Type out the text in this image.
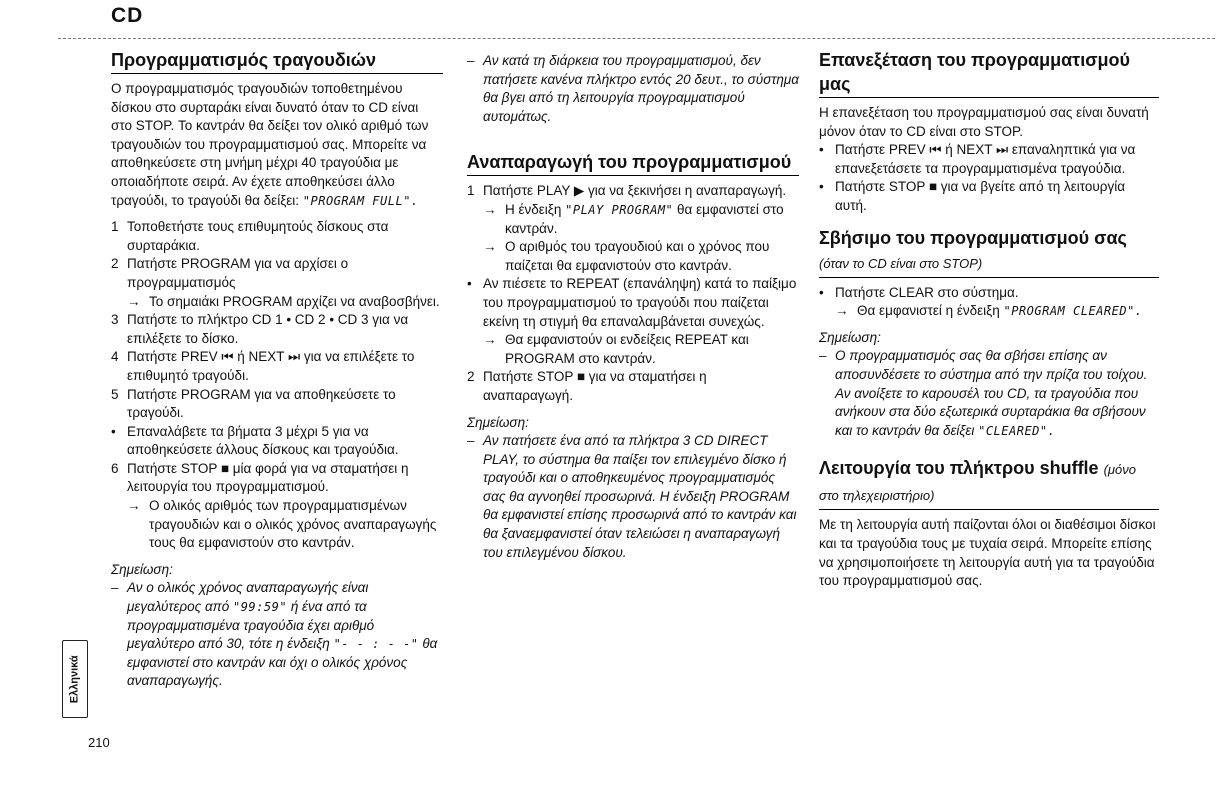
CD
Προγραμματισμός τραγουδιών

Ο προγραμματισμός τραγουδιών τοποθετημένου δίσκου στο συρταράκι είναι δυνατό όταν το CD είναι στο STOP. Το καντράν θα δείξει τον ολικό αριθμό των τραγουδιών του προγραμματισμού σας. Μπορείτε να αποθηκεύσετε στη μνήμη μέχρι 40 τραγούδια με οποιαδήποτε σειρά. Αν έχετε αποθηκεύσει άλλο τραγούδι, το τραγούδι θα δείξει: "PROGRAM FULL".

1 Τοποθετήστε τους επιθυμητούς δίσκους στα συρταράκια.
2 Πατήστε PROGRAM για να αρχίσει ο προγραμματισμός
→ Το σημαιάκι PROGRAM αρχίζει να αναβοσβήνει.
3 Πατήστε το πλήκτρο CD 1 • CD 2 • CD 3 για να επιλέξετε το δίσκο.
4 Πατήστε PREV ⏮ ή NEXT ⏭ για να επιλέξετε το επιθυμητό τραγούδι.
5 Πατήστε PROGRAM για να αποθηκεύσετε το τραγούδι.
• Επαναλάβετε τα βήματα 3 μέχρι 5 για να αποθηκεύσετε άλλους δίσκους και τραγούδια.
6 Πατήστε STOP ■ μία φορά για να σταματήσει η λειτουργία του προγραμματισμού.
→ Ο ολικός αριθμός των προγραμματισμένων τραγουδιών και ο ολικός χρόνος αναπαραγωγής τους θα εμφανιστούν στο καντράν.

Σημείωση:

– Αν ο ολικός χρόνος αναπαραγωγής είναι μεγαλύτερος από "99:59" ή ένα από τα προγραμματισμένα τραγούδια έχει αριθμό μεγαλύτερο από 30, τότε η ένδειξη "- - : - -" θα εμφανιστεί στο καντράν και όχι ο ολικός χρόνος αναπαραγωγής.
– Αν κατά τη διάρκεια του προγραμματισμού, δεν πατήσετε κανένα πλήκτρο εντός 20 δευτ., το σύστημα θα βγει από τη λειτουργία προγραμματισμού αυτομάτως.
Αναπαραγωγή του προγραμματισμού
1 Πατήστε PLAY ▶ για να ξεκινήσει η αναπαραγωγή.
→ Η ένδειξη "PLAY PROGRAM" θα εμφανιστεί στο καντράν.
→ Ο αριθμός του τραγουδιού και ο χρόνος που παίζεται θα εμφανιστούν στο καντράν.
• Αν πιέσετε το REPEAT (επανάληψη) κατά το παίξιμο του προγραμματισμού το τραγούδι που παίζεται εκείνη τη στιγμή θα επαναλαμβάνεται συνεχώς.
→ Θα εμφανιστούν οι ενδείξεις REPEAT και PROGRAM στο καντράν.
2 Πατήστε STOP ■ για να σταματήσει η αναπαραγωγή.

Σημείωση:

– Αν πατήσετε ένα από τα πλήκτρα 3 CD DIRECT PLAY, το σύστημα θα παίξει τον επιλεγμένο δίσκο ή τραγούδι και ο αποθηκευμένος προγραμματισμός σας θα αγνοηθεί προσωρινά. Η ένδειξη PROGRAM θα εμφανιστεί επίσης προσωρινά από το καντράν και θα ξαναεμφανιστεί όταν τελειώσει η αναπαραγωγή του επιλεγμένου δίσκου.
Επανεξέταση του προγραμματισμού μας

Η επανεξέταση του προγραμματισμού σας είναι δυνατή μόνον όταν το CD είναι στο STOP.

• Πατήστε PREV ⏮ ή NEXT ⏭ επαναληπτικά για να επανεξετάσετε τα προγραμματισμένα τραγούδια.
• Πατήστε STOP ■ για να βγείτε από τη λειτουργία αυτή.
Σβήσιμο του προγραμματισμού σας (όταν το CD είναι στο STOP)
• Πατήστε CLEAR στο σύστημα.
→ Θα εμφανιστεί η ένδειξη "PROGRAM CLEARED".

Σημείωση:

– Ο προγραμματισμός σας θα σβήσει επίσης αν αποσυνδέσετε το σύστημα από την πρίζα του τοίχου. Αν ανοίξετε το καρουσέλ του CD, τα τραγούδια που ανήκουν στα δύο εξωτερικά συρταράκια θα σβήσουν και το καντράν θα δείξει "CLEARED".
Λειτουργία του πλήκτρου shuffle (μόνο στο τηλεχειριστήριο)

Με τη λειτουργία αυτή παίζονται όλοι οι διαθέσιμοι δίσκοι και τα τραγούδια τους με τυχαία σειρά. Μπορείτε επίσης να χρησιμοποιήσετε τη λειτουργία αυτή για τα τραγούδια του προγραμματισμού σας.

Ελληνικά
210
